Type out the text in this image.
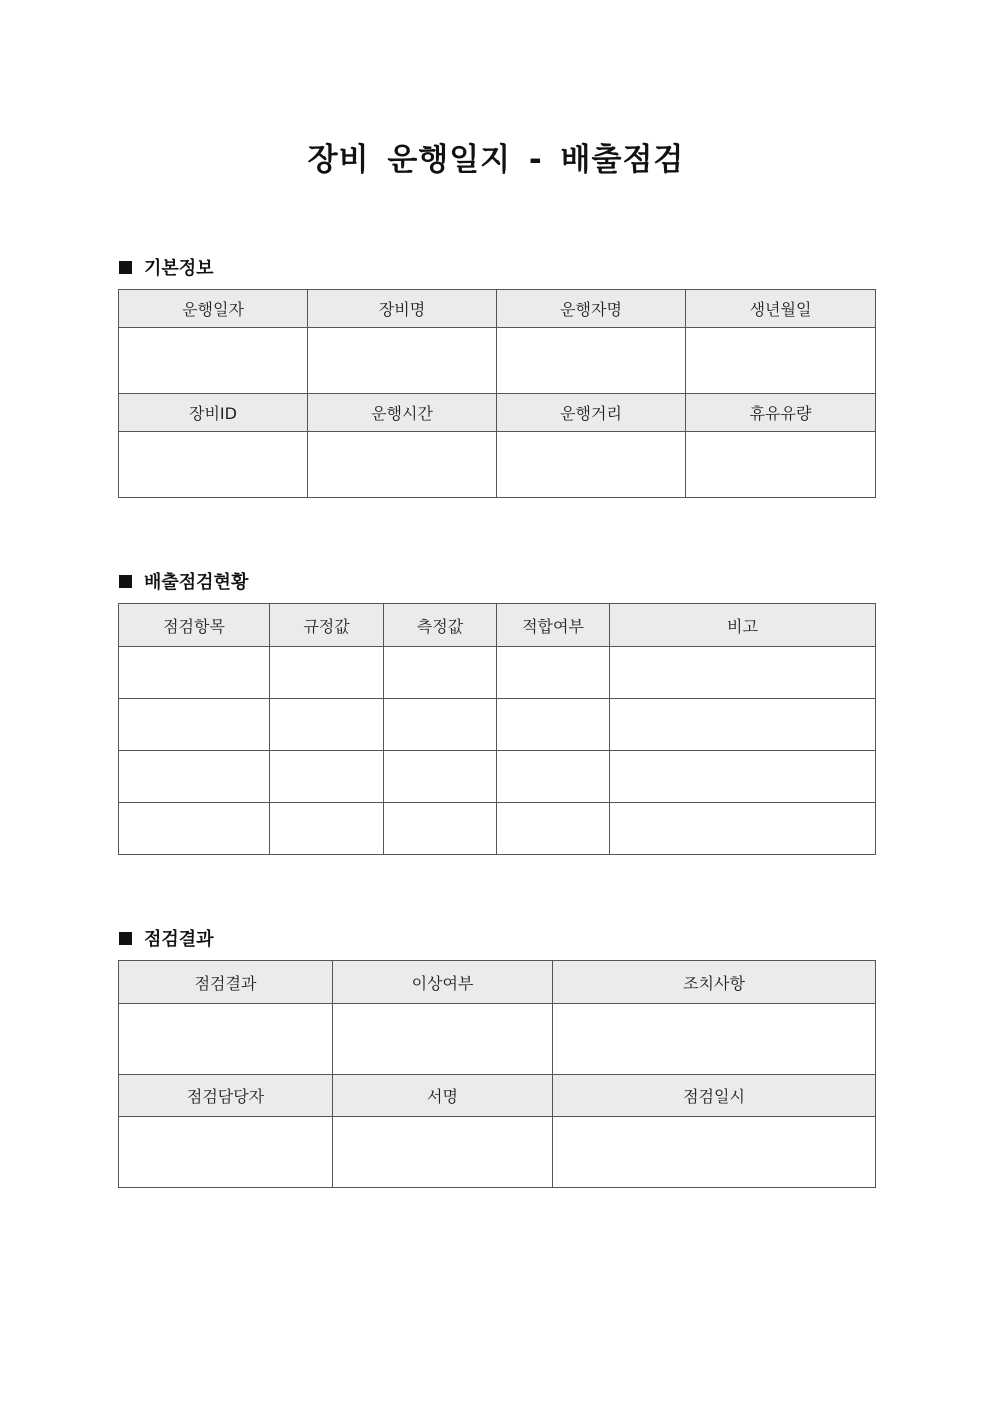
장비 운행일지 - 배출점검
기본정보
운행일자	장비명	운행자명	생년월일

장비ID	운행시간	운행거리	휴유유량

배출점검현황
점검항목	규정값	측정값	적합여부	비고

점검결과
점검결과	이상여부	조치사항

점검담당자	서명	점검일시
